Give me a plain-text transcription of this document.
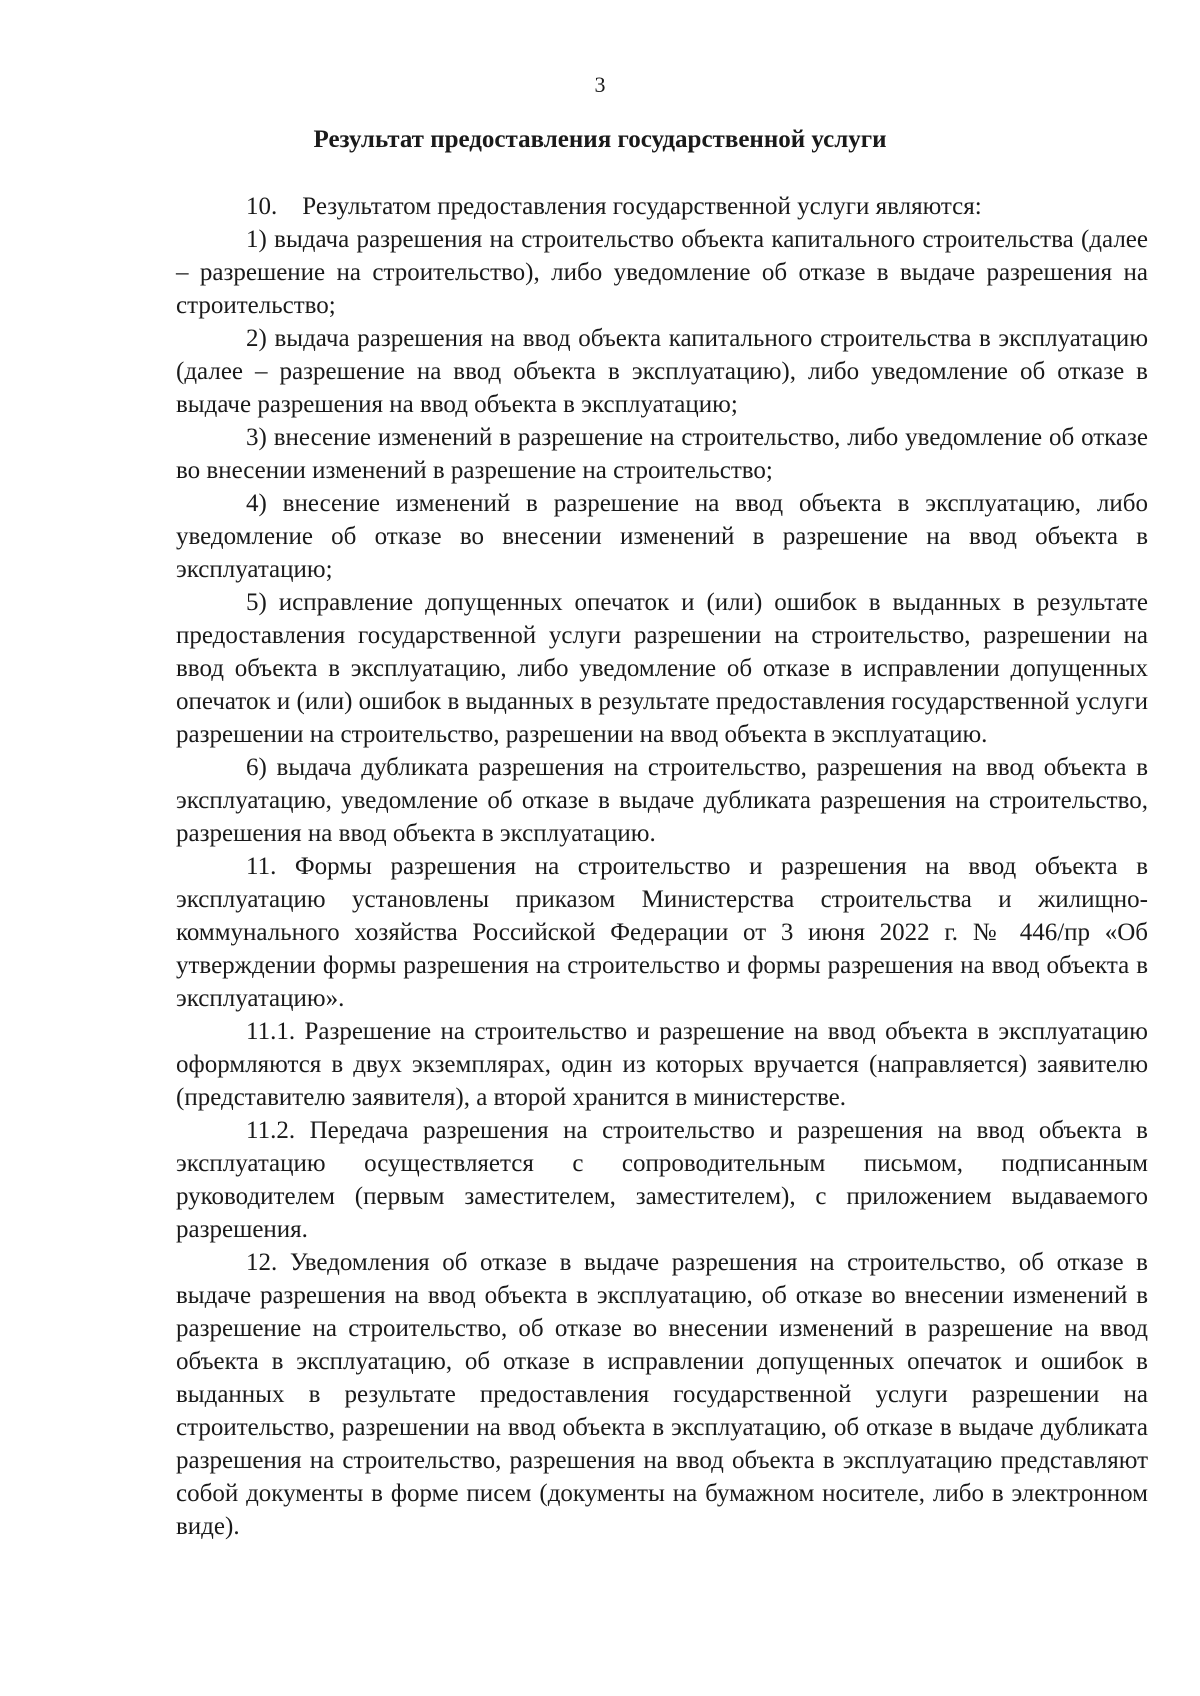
3
Результат предоставления государственной услуги

10.    Результатом предоставления государственной услуги являются:

1) выдача разрешения на строительство объекта капитального строительства (далее – разрешение на строительство), либо уведомление об отказе в выдаче разрешения на строительство;

2) выдача разрешения на ввод объекта капитального строительства в эксплуатацию (далее – разрешение на ввод объекта в эксплуатацию), либо уведомление об отказе в выдаче разрешения на ввод объекта в эксплуатацию;

3) внесение изменений в разрешение на строительство, либо уведомление об отказе во внесении изменений в разрешение на строительство;

4) внесение изменений в разрешение на ввод объекта в эксплуатацию, либо уведомление об отказе во внесении изменений в разрешение на ввод объекта в эксплуатацию;

5) исправление допущенных опечаток и (или) ошибок в выданных в результате предоставления государственной услуги разрешении на строительство, разрешении на ввод объекта в эксплуатацию, либо уведомление об отказе в исправлении допущенных опечаток и (или) ошибок в выданных в результате предоставления государственной услуги разрешении на строительство, разрешении на ввод объекта в эксплуатацию.

6) выдача дубликата разрешения на строительство, разрешения на ввод объекта в эксплуатацию, уведомление об отказе в выдаче дубликата разрешения на строительство, разрешения на ввод объекта в эксплуатацию.

11. Формы разрешения на строительство и разрешения на ввод объекта в эксплуатацию установлены приказом Министерства строительства и жилищно-коммунального хозяйства Российской Федерации от 3 июня 2022 г. № 446/пр «Об утверждении формы разрешения на строительство и формы разрешения на ввод объекта в эксплуатацию».

11.1. Разрешение на строительство и разрешение на ввод объекта в эксплуатацию оформляются в двух экземплярах, один из которых вручается (направляется) заявителю (представителю заявителя), а второй хранится в министерстве.

11.2. Передача разрешения на строительство и разрешения на ввод объекта в эксплуатацию осуществляется с сопроводительным письмом, подписанным руководителем (первым заместителем, заместителем), с приложением выдаваемого разрешения.

12. Уведомления об отказе в выдаче разрешения на строительство, об отказе в выдаче разрешения на ввод объекта в эксплуатацию, об отказе во внесении изменений в разрешение на строительство, об отказе во внесении изменений в разрешение на ввод объекта в эксплуатацию, об отказе в исправлении допущенных опечаток и ошибок в выданных в результате предоставления государственной услуги разрешении на строительство, разрешении на ввод объекта в эксплуатацию, об отказе в выдаче дубликата разрешения на строительство, разрешения на ввод объекта в эксплуатацию представляют собой документы в форме писем (документы на бумажном носителе, либо в электронном виде).
